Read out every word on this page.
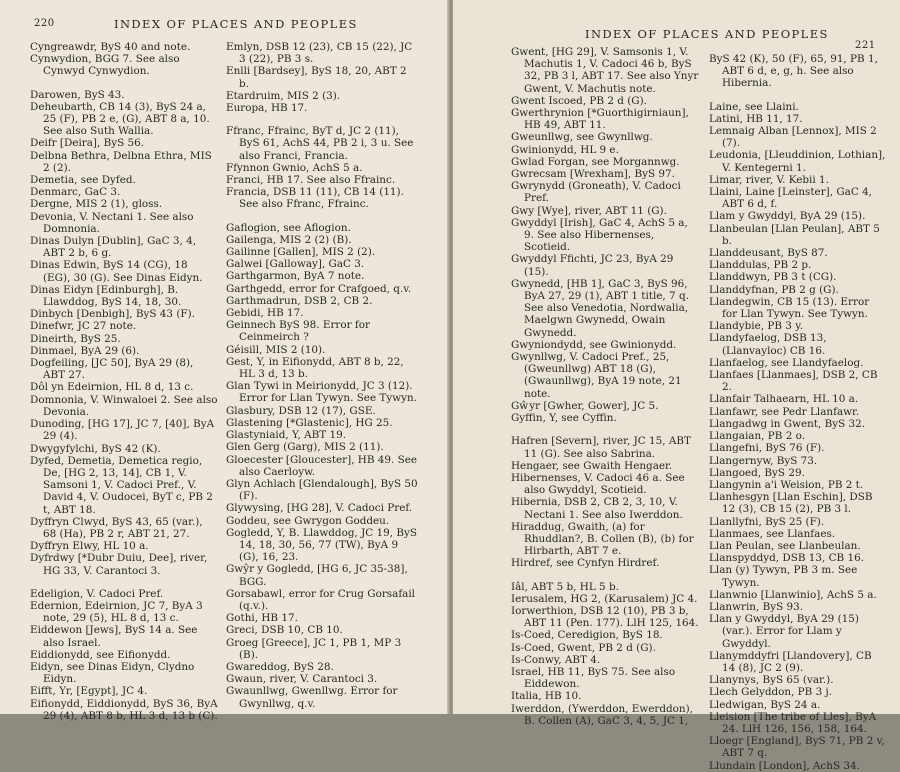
220	INDEX OF PLACES AND PEOPLES

Cyngreawdr, ByS 40 and note.

Cynwydion, BGG 7. See also Cynwyd Cynwydion.

Darowen, ByS 43.

Deheubarth, CB 14 (3), ByS 24 a, 25 (F), PB 2 e, (G), ABT 8 a, 10. See also Suth Wallia.

Deifr [Deira], ByS 56.

Delbna Bethra, Delbna Ethra, MIS 2 (2).

Demetia, see Dyfed.

Denmarc, GaC 3.

Dergne, MIS 2 (1), gloss.

Devonia, V. Nectani 1. See also Domnonia.

Dinas Dulyn [Dublin], GaC 3, 4, ABT 2 b, 6 g.

Dinas Edwin, ByS 14 (CG), 18 (EG), 30 (G). See Dinas Eidyn.

Dinas Eidyn [Edinburgh], B. Llawddog, ByS 14, 18, 30.

Dinbych [Denbigh], ByS 43 (F).

Dinefwr, JC 27 note.

Dineirth, ByS 25.

Dinmael, ByA 29 (6).

Dogfeiling, [JC 50], ByA 29 (8), ABT 27.

Dôl yn Edeirnion, HL 8 d, 13 c.

Domnonia, V. Winwaloei 2. See also Devonia.

Dunoding, [HG 17], JC 7, [40], ByA 29 (4).

Dwygyfylchi, ByS 42 (K).

Dyfed, Demetia, Demetica regio, De, [HG 2, 13, 14], CB 1, V. Samsoni 1, V. Cadoci Pref., V. David 4, V. Oudocei, ByT c, PB 2 t, ABT 18.

Dyffryn Clwyd, ByS 43, 65 (var.), 68 (Ha), PB 2 r, ABT 21, 27.

Dyffryn Elwy, HL 10 a.

Dyfrdwy [*Dubr Duiu, Dee], river, HG 33, V. Carantoci 3.

Edeligion, V. Cadoci Pref.

Edernion, Edeirnion, JC 7, ByA 3 note, 29 (5), HL 8 d, 13 c.

Eiddewon [Jews], ByS 14 a. See also Israel.

Eiddionydd, see Eifionydd.

Eidyn, see Dinas Eidyn, Clydno Eidyn.

Eifft, Yr, [Egypt], JC 4.

Eifionydd, Eiddionydd, ByS 36, ByA 29 (4), ABT 8 b, HL 3 d, 13 b (C).

Emlyn, DSB 12 (23), CB 15 (22), JC 3 (22), PB 3 s.

Enlli [Bardsey], ByS 18, 20, ABT 2 b.

Etardruim, MIS 2 (3).

Europa, HB 17.

Ffranc, Ffrainc, ByT d, JC 2 (11), ByS 61, AchS 44, PB 2 i, 3 u. See also Franci, Francia.

Ffynnon Gwnio, AchS 5 a.

Franci, HB 17. See also Ffrainc.

Francia, DSB 11 (11), CB 14 (11). See also Ffranc, Ffrainc.

Gaflogion, see Aflogion.

Gailenga, MIS 2 (2) (B).

Gailinne [Gallen], MIS 2 (2).

Galwei [Galloway], GaC 3.

Garthgarmon, ByA 7 note.

Garthgedd, error for Crafgoed, q.v.

Garthmadrun, DSB 2, CB 2.

Gebidi, HB 17.

Geinnech ByS 98. Error for Ceinmeirch ?

Géisill, MIS 2 (10).

Gest, Y, in Eifionydd, ABT 8 b, 22, HL 3 d, 13 b.

Glan Tywi in Meirionydd, JC 3 (12). Error for Llan Tywyn. See Tywyn.

Glasbury, DSB 12 (17), GSE.

Glastening [*Glastenic], HG 25.

Glastyniaid, Y, ABT 19.

Glen Gerg (Garg), MIS 2 (11).

Gloecester [Gloucester], HB 49. See also Caerloyw.

Glyn Achlach [Glendalough], ByS 50 (F).

Glywysing, [HG 28], V. Cadoci Pref.

Goddeu, see Gwrygon Goddeu.

Gogledd, Y, B. Llawddog, JC 19, ByS 14, 18, 30, 56, 77 (TW), ByA 9 (G), 16, 23.

Gwŷr y Gogledd, [HG 6, JC 35-38], BGG.

Gorsabawl, error for Crug Gorsafail (q.v.).

Gothi, HB 17.

Greci, DSB 10, CB 10.

Groeg [Greece], JC 1, PB 1, MP 3 (B).

Gwareddog, ByS 28.

Gwaun, river, V. Carantoci 3.

Gwaunllwg, Gwenllwg. Error for Gwynllwg, q.v.

INDEX OF PLACES AND PEOPLES
221

Gwent, [HG 29], V. Samsonis 1, V. Machutis 1, V. Cadoci 46 b, ByS 32, PB 3 l, ABT 17. See also Ynyr Gwent, V. Machutis note.

Gwent Iscoed, PB 2 d (G).

Gwerthrynion [*Guorthigirniaun], HB 49, ABT 11.

Gweunllwg, see Gwynllwg.

Gwinionydd, HL 9 e.

Gwlad Forgan, see Morgannwg.

Gwrecsam [Wrexham], ByS 97.

Gwrynydd (Groneath), V. Cadoci Pref.

Gwy [Wye], river, ABT 11 (G).

Gwyddyl [Irish], GaC 4, AchS 5 a, 9. See also Hibernenses, Scotieid.

Gwyddyl Ffichti, JC 23, ByA 29 (15).

Gwynedd, [HB 1], GaC 3, ByS 96, ByA 27, 29 (1), ABT 1 title, 7 q. See also Venedotia, Nordwalia, Maelgwn Gwynedd, Owain Gwynedd.

Gwyniondydd, see Gwinionydd.

Gwynllwg, V. Cadoci Pref., 25, (Gweunllwg) ABT 18 (G), (Gwaunllwg), ByA 19 note, 21 note.

Gŵyr [Gwher, Gower], JC 5.

Gyffin, Y, see Cyffin.

Hafren [Severn], river, JC 15, ABT 11 (G). See also Sabrina.

Hengaer, see Gwaith Hengaer.

Hibernenses, V. Cadoci 46 a. See also Gwyddyl, Scotieid.

Hibernia, DSB 2, CB 2, 3, 10, V. Nectani 1. See also Iwerddon.

Hiraddug, Gwaith, (a) for Rhuddlan?, B. Collen (B), (b) for Hirbarth, ABT 7 e.

Hirdref, see Cynfyn Hirdref.

Iâl, ABT 5 b, HL 5 b.

Ierusalem, HG 2, (Karusalem) JC 4.

Iorwerthion, DSB 12 (10), PB 3 b, ABT 11 (Pen. 177). LlH 125, 164.

Is-Coed, Ceredigion, ByS 18.

Is-Coed, Gwent, PB 2 d (G).

Is-Conwy, ABT 4.

Israel, HB 11, ByS 75. See also Eiddewon.

Italia, HB 10.

Iwerddon, (Ywerddon, Ewerddon), B. Collen (A), GaC 3, 4, 5, JC 1,

ByS 42 (K), 50 (F), 65, 91, PB 1, ABT 6 d, e, g, h. See also Hibernia.

Laine, see Llaini.

Latini, HB 11, 17.

Lemnaig Alban [Lennox], MIS 2 (7).

Leudonia, [Lleuddinion, Lothian], V. Kentegerni 1.

Limar, river, V. Kebii 1.

Llaini, Laine [Leinster], GaC 4, ABT 6 d, f.

Llam y Gwyddyl, ByA 29 (15).

Llanbeulan [Llan Peulan], ABT 5 b.

Llanddeusant, ByS 87.

Llanddulas, PB 2 p.

Llanddwyn, PB 3 t (CG).

Llanddyfnan, PB 2 g (G).

Llandegwin, CB 15 (13). Error for Llan Tywyn. See Tywyn.

Llandybie, PB 3 y.

Llandyfaelog, DSB 13, (Llanvayloc) CB 16.

Llanfaelog, see Llandyfaelog.

Llanfaes [Llanmaes], DSB 2, CB 2.

Llanfair Talhaearn, HL 10 a.

Llanfawr, see Pedr Llanfawr.

Llangadwg in Gwent, ByS 32.

Llangaian, PB 2 o.

Llangefni, ByS 76 (F).

Llangernyw, ByS 73.

Llangoed, ByS 29.

Llangynin a'i Weision, PB 2 t.

Llanhesgyn [Llan Eschin], DSB 12 (3), CB 15 (2), PB 3 l.

Llanllyfni, ByS 25 (F).

Llanmaes, see Llanfaes.

Llan Peulan, see Llanbeulan.

Llanspyddyd, DSB 13, CB 16.

Llan (y) Tywyn, PB 3 m. See Tywyn.

Llanwnio [Llanwinio], AchS 5 a.

Llanwrin, ByS 93.

Llan y Gwyddyl, ByA 29 (15) (var.). Error for Llam y Gwyddyl.

Llanymddyfri [Llandovery], CB 14 (8), JC 2 (9).

Llanynys, ByS 65 (var.).

Llech Gelyddon, PB 3 j.

Lledwigan, ByS 24 a.

Lleision [The tribe of Lles], ByA 24. LlH 126, 156, 158, 164.

Lloegr [England], ByS 71, PB 2 v, ABT 7 q.

Llundain [London], AchS 34.
